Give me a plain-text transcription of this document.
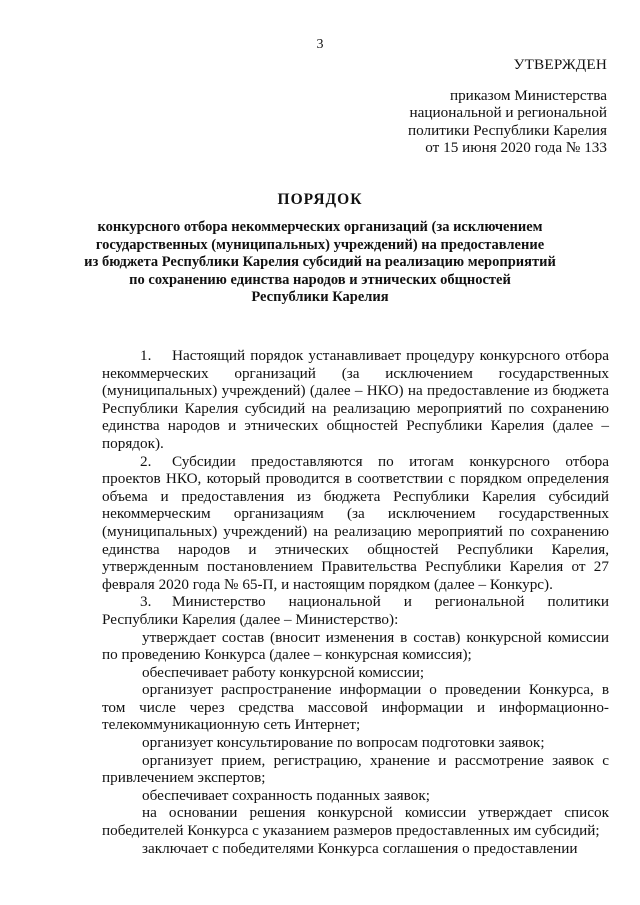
3
УТВЕРЖДЕН
приказом Министерства
национальной и региональной
политики Республики Карелия
от 15 июня 2020 года № 133
ПОРЯДОК
конкурсного отбора некоммерческих организаций (за исключением
государственных (муниципальных) учреждений) на предоставление
из бюджета Республики Карелия субсидий на реализацию мероприятий
по сохранению единства народов и этнических общностей
Республики Карелия

1. Настоящий порядок устанавливает процедуру конкурсного отбора некоммерческих организаций (за исключением государственных (муниципальных) учреждений) (далее – НКО) на предоставление из бюджета Республики Карелия субсидий на реализацию мероприятий по сохранению единства народов и этнических общностей Республики Карелия (далее – порядок).

2. Субсидии предоставляются по итогам конкурсного отбора проектов НКО, который проводится в соответствии с порядком определения объема и предоставления из бюджета Республики Карелия субсидий некоммерческим организациям (за исключением государственных (муниципальных) учреждений) на реализацию мероприятий по сохранению единства народов и этнических общностей Республики Карелия, утвержденным постановлением Правительства Республики Карелия от 27 февраля 2020 года № 65-П, и настоящим порядком (далее – Конкурс).

3. Министерство национальной и региональной политики Республики Карелия (далее – Министерство):

утверждает состав (вносит изменения в состав) конкурсной комиссии по проведению Конкурса (далее – конкурсная комиссия);

обеспечивает работу конкурсной комиссии;

организует распространение информации о проведении Конкурса, в том числе через средства массовой информации и информационно-телекоммуникационную сеть Интернет;

организует консультирование по вопросам подготовки заявок;

организует прием, регистрацию, хранение и рассмотрение заявок с привлечением экспертов;

обеспечивает сохранность поданных заявок;

на основании решения конкурсной комиссии утверждает список победителей Конкурса с указанием размеров предоставленных им субсидий;

заключает с победителями Конкурса соглашения о предоставлении
